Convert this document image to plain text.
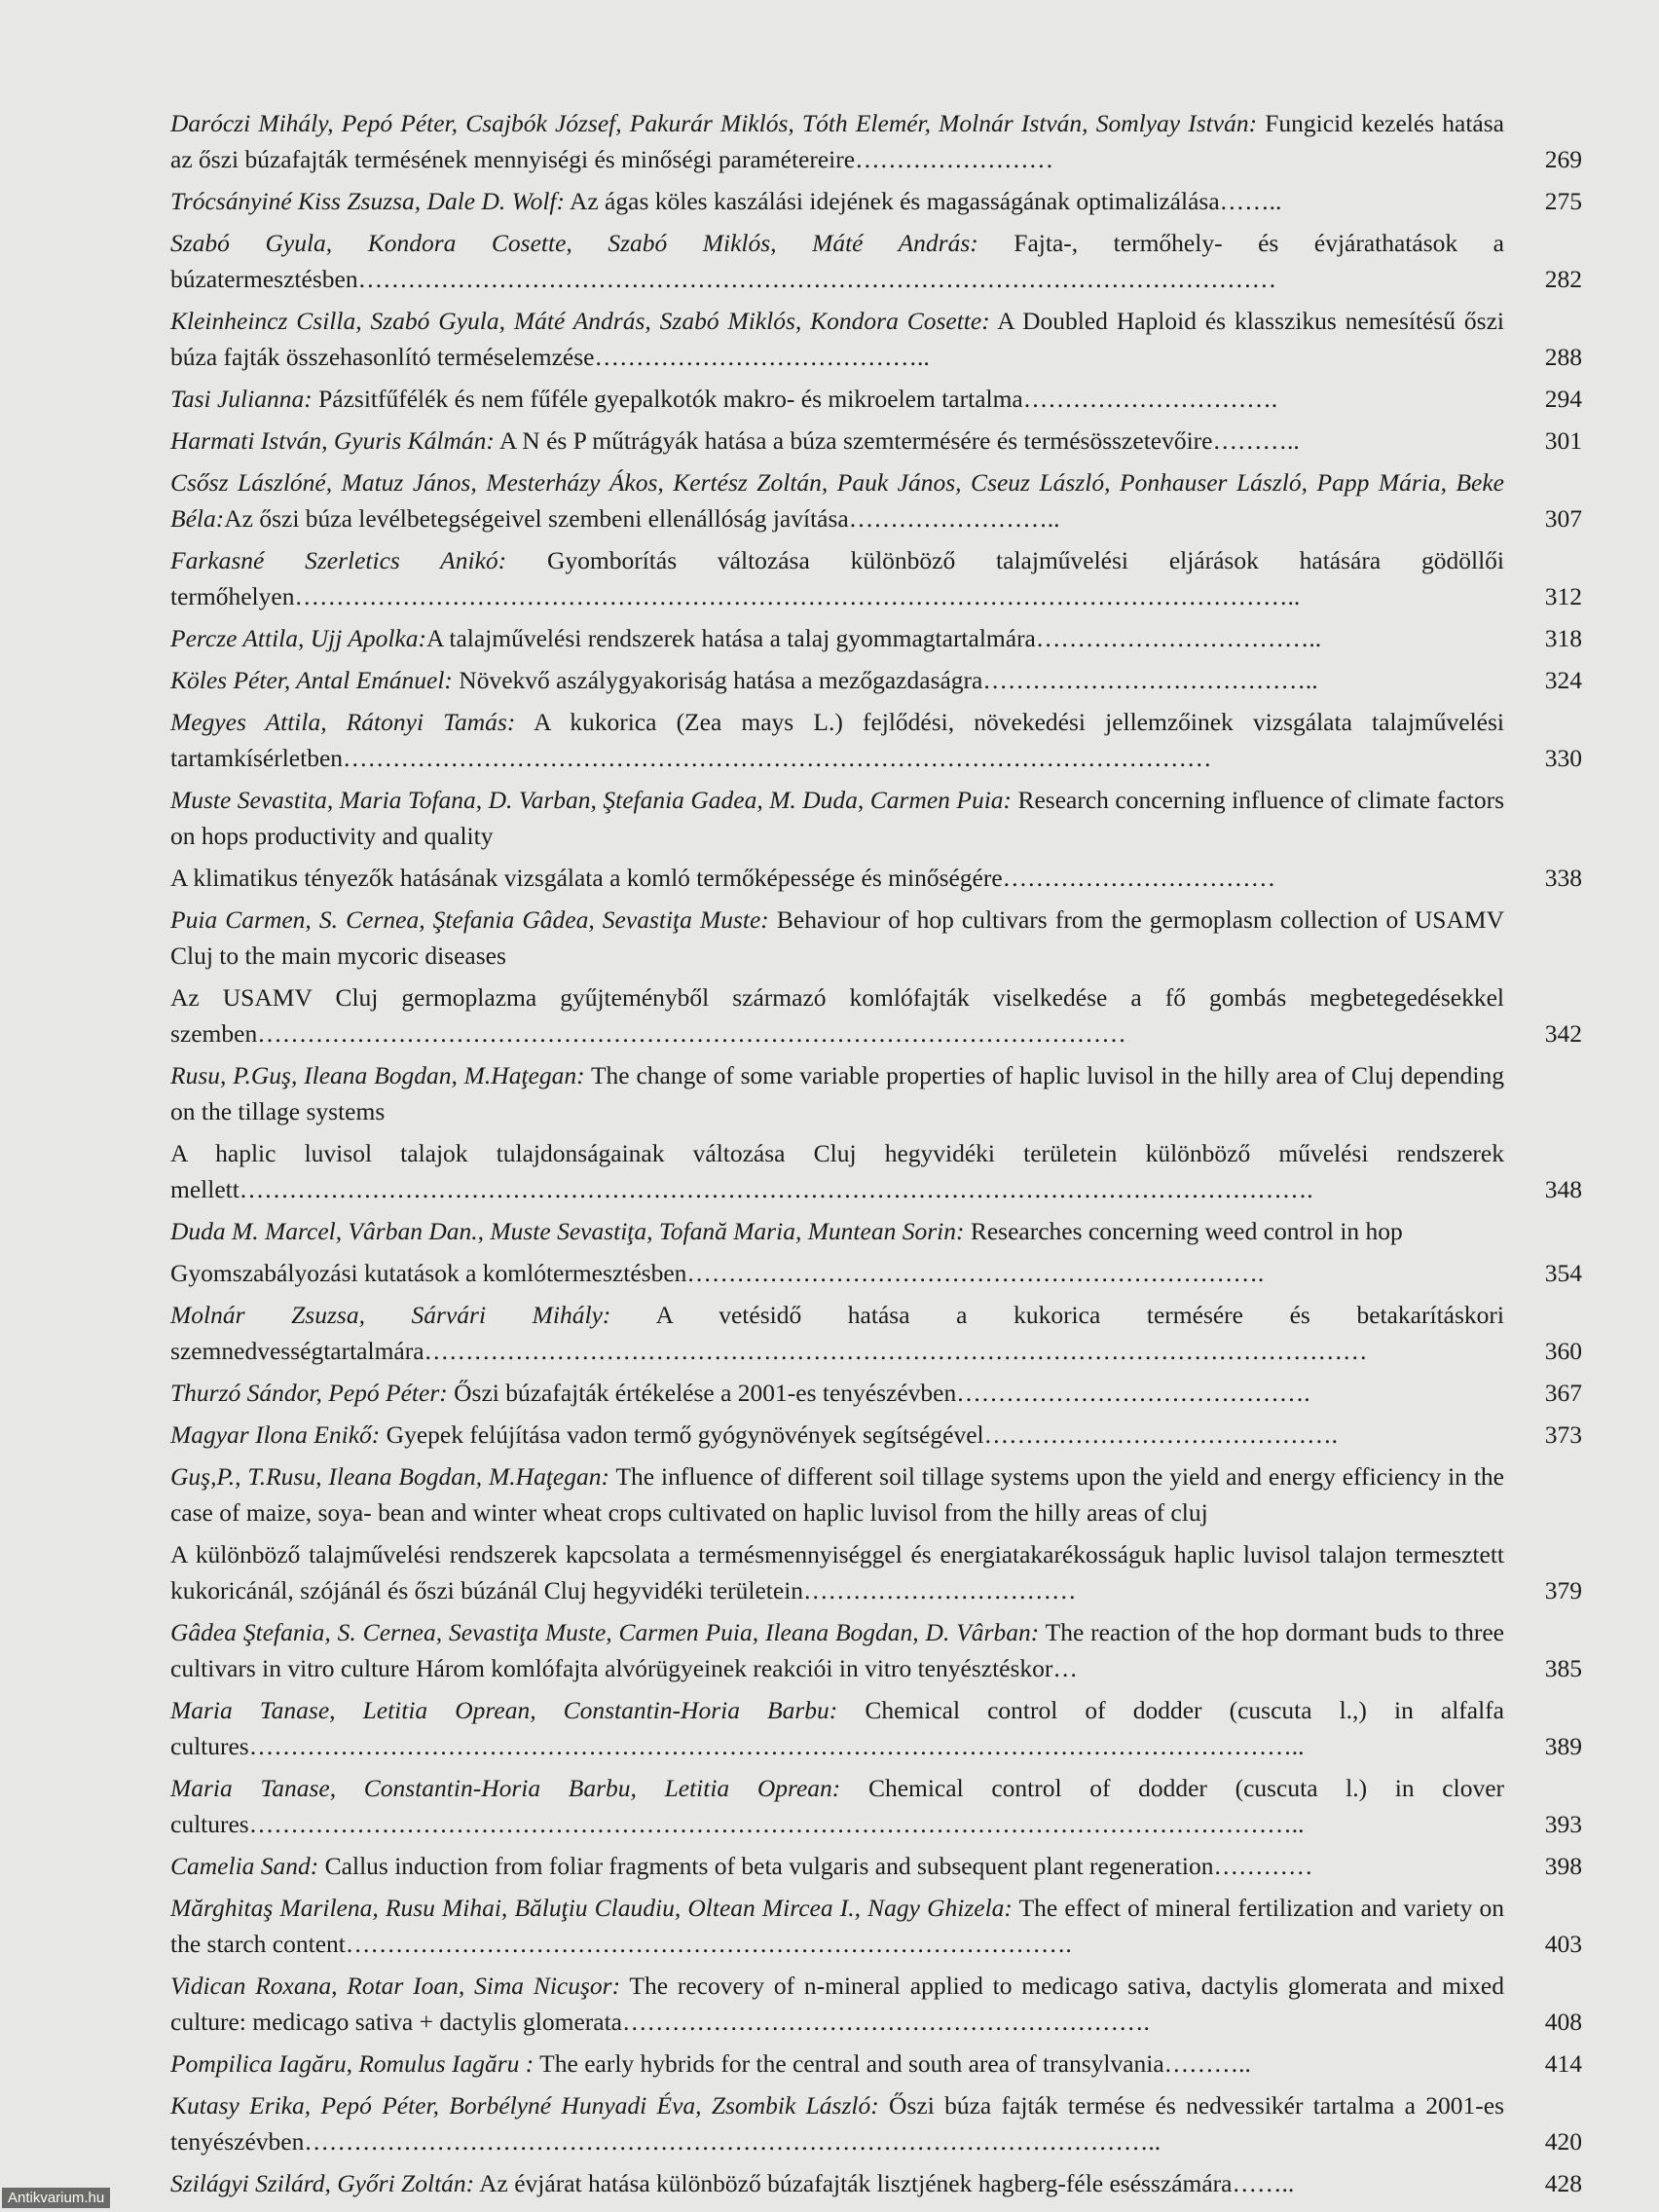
Daróczi Mihály, Pepó Péter, Csajbók József, Pakurár Miklós, Tóth Elemér, Molnár István, Somlyay István: Fungicid kezelés hatása az őszi búzafajták termésének mennyiségi és minőségi paramétereire……………………	269
Trócsányiné Kiss Zsuzsa, Dale D. Wolf: Az ágas köles kaszálási idejének és magasságának optimalizálása……..	275
Szabó Gyula, Kondora Cosette, Szabó Miklós, Máté András: Fajta-, termőhely- és évjárathatások a búzatermesztésben…………………………………………………………………………………………………	282
Kleinheincz Csilla, Szabó Gyula, Máté András, Szabó Miklós, Kondora Cosette: A Doubled Haploid és klasszikus nemesítésű őszi búza fajták összehasonlító terméselemzése…………………………………..	288
Tasi Julianna: Pázsitfűfélék és nem fűféle gyepalkotók makro- és mikroelem tartalma………………………….	294
Harmati István, Gyuris Kálmán: A N és P műtrágyák hatása a búza szemtermésére és termésösszetevőire………..	301
Csősz Lászlóné, Matuz János, Mesterházy Ákos, Kertész Zoltán, Pauk János, Cseuz László, Ponhauser László, Papp Mária, Beke Béla:Az őszi búza levélbetegségeivel szembeni ellenállóság javítása……………………..	307
Farkasné Szerletics Anikó: Gyomborítás változása különböző talajművelési eljárások hatására gödöllői termőhelyen…………………………………………………………………………………………………………..	312
Percze Attila, Ujj Apolka:A talajművelési rendszerek hatása a talaj gyommagtartalmára……………………………..	318
Köles Péter, Antal Emánuel: Növekvő aszálygyakoriság hatása a mezőgazdaságra…………………………………..	324
Megyes Attila, Rátonyi Tamás: A kukorica (Zea mays L.) fejlődési, növekedési jellemzőinek vizsgálata talajművelési tartamkísérletben……………………………………………………………………………………………	330
Muste Sevastita, Maria Tofana, D. Varban, Ştefania Gadea, M. Duda, Carmen Puia: Research concerning influence of climate factors on hops productivity and quality
A klimatikus tényezők hatásának vizsgálata a komló termőképessége és minőségére……………………………	338
Puia Carmen, S. Cernea, Ştefania Gâdea, Sevastiţa Muste: Behaviour of hop cultivars from the germoplasm collection of USAMV Cluj to the main mycoric diseases
Az USAMV Cluj germoplazma gyűjteményből származó komlófajták viselkedése a fő gombás megbetegedésekkel szemben……………………………………………………………………………………………	342
Rusu, P.Guş, Ileana Bogdan, M.Haţegan: The change of some variable properties of haplic luvisol in the hilly area of Cluj depending on the tillage systems
A haplic luvisol talajok tulajdonságainak változása Cluj hegyvidéki területein különböző művelési rendszerek mellett………………………………………………………………………………………………………………….	348
Duda M. Marcel, Vârban Dan., Muste Sevastiţa, Tofană Maria, Muntean Sorin: Researches concerning weed control in hop
Gyomszabályozási kutatások a komlótermesztésben…………………………………………………………….	354
Molnár Zsuzsa, Sárvári Mihály: A vetésidő hatása a kukorica termésére és betakarításkori szemnedvességtartalmára……………………………………………………………………………………………………	360
Thurzó Sándor, Pepó Péter: Őszi búzafajták értékelése a 2001-es tenyészévben…………………………………….	367
Magyar Ilona Enikő: Gyepek felújítása vadon termő gyógynövények segítségével…………………………………….	373
Guş,P., T.Rusu, Ileana Bogdan, M.Haţegan: The influence of different soil tillage systems upon the yield and energy efficiency in the case of maize, soya- bean and winter wheat crops cultivated on haplic luvisol from the hilly areas of cluj
A különböző talajművelési rendszerek kapcsolata a termésmennyiséggel és energiatakarékosságuk haplic luvisol talajon termesztett kukoricánál, szójánál és őszi búzánál Cluj hegyvidéki területein……………………………	379
Gâdea Ştefania, S. Cernea, Sevastiţa Muste, Carmen Puia, Ileana Bogdan, D. Vârban: The reaction of the hop dormant buds to three cultivars in vitro culture Három komlófajta alvórügyeinek reakciói in vitro tenyésztéskor…	385
Maria Tanase, Letitia Oprean, Constantin-Horia Barbu: Chemical control of dodder (cuscuta l.,) in alfalfa cultures………………………………………………………………………………………………………………..	389
Maria Tanase, Constantin-Horia Barbu, Letitia Oprean: Chemical control of dodder (cuscuta l.) in clover cultures………………………………………………………………………………………………………………..	393
Camelia Sand: Callus induction from foliar fragments of beta vulgaris and subsequent plant regeneration…………	398
Mărghitaş Marilena, Rusu Mihai, Băluţiu Claudiu, Oltean Mircea I., Nagy Ghizela: The effect of mineral fertilization and variety on the starch content…………………………………………………………………………….	403
Vidican Roxana, Rotar Ioan, Sima Nicuşor: The recovery of n-mineral applied to medicago sativa, dactylis glomerata and mixed culture: medicago sativa + dactylis glomerata……………………………………………………….	408
Pompilica Iagăru, Romulus Iagăru : The early hybrids for the central and south area of transylvania………..	414
Kutasy Erika, Pepó Péter, Borbélyné Hunyadi Éva, Zsombik László: Őszi búza fajták termése és nedvessikér tartalma a 2001-es tenyészévben…………………………………………………………………………………………..	420
Szilágyi Szilárd, Győri Zoltán: Az évjárat hatása különböző búzafajták lisztjének hagberg-féle esésszámára……..	428
Antikvarium.hu
